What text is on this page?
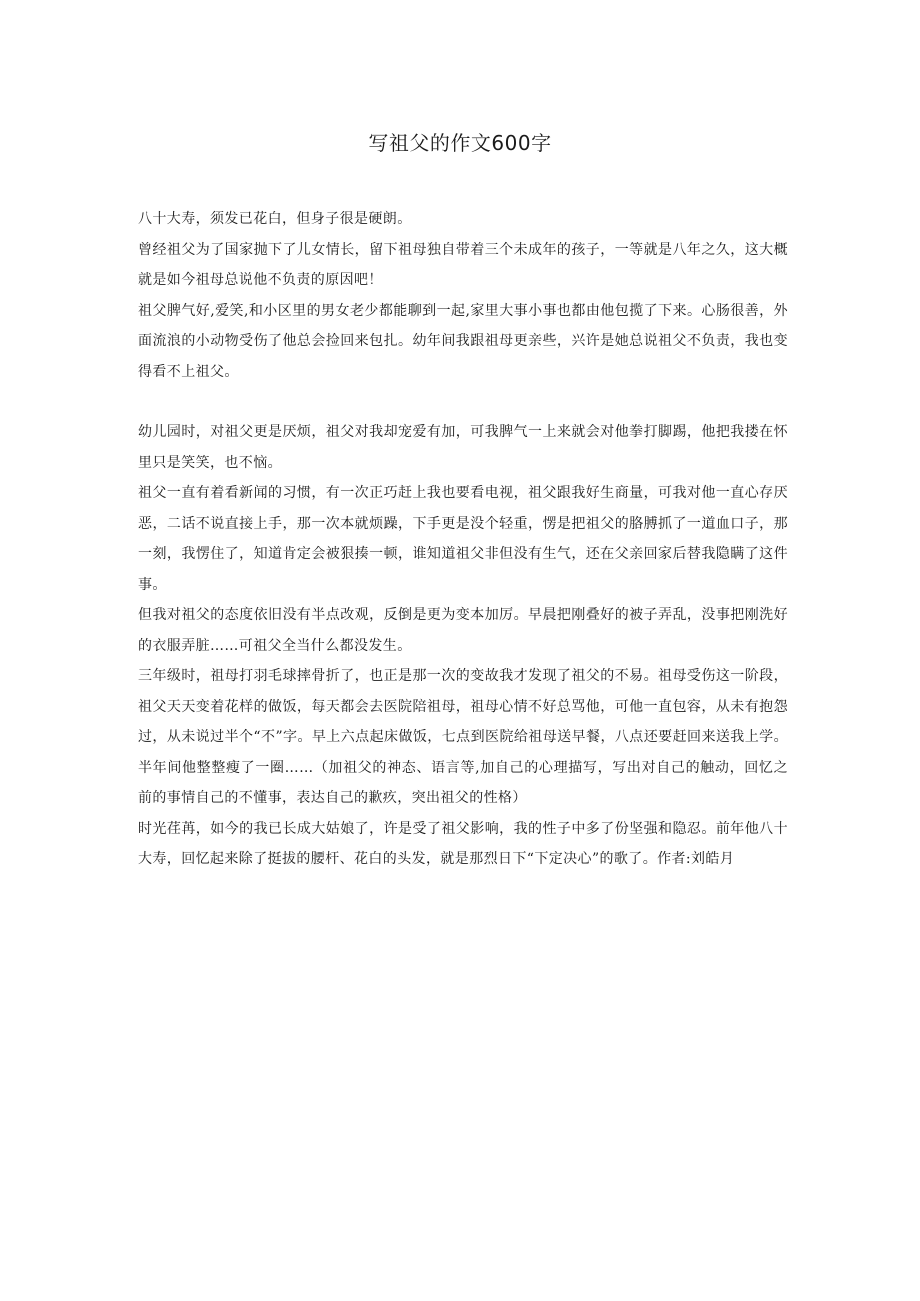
写祖父的作文600字

八十大寿，须发已花白，但身子很是硬朗。

曾经祖父为了国家抛下了儿女情长，留下祖母独自带着三个未成年的孩子，一等就是八年之久，这大概就是如今祖母总说他不负责的原因吧！

祖父脾气好,爱笑,和小区里的男女老少都能聊到一起,家里大事小事也都由他包揽了下来。心肠很善，外面流浪的小动物受伤了他总会捡回来包扎。幼年间我跟祖母更亲些，兴许是她总说祖父不负责，我也变得看不上祖父。

幼儿园时，对祖父更是厌烦，祖父对我却宠爱有加，可我脾气一上来就会对他拳打脚踢，他把我搂在怀里只是笑笑，也不恼。

祖父一直有着看新闻的习惯，有一次正巧赶上我也要看电视，祖父跟我好生商量，可我对他一直心存厌恶，二话不说直接上手，那一次本就烦躁，下手更是没个轻重，愣是把祖父的胳膊抓了一道血口子，那一刻，我愣住了，知道肯定会被狠揍一顿，谁知道祖父非但没有生气，还在父亲回家后替我隐瞒了这件事。

但我对祖父的态度依旧没有半点改观，反倒是更为变本加厉。早晨把刚叠好的被子弄乱，没事把刚洗好的衣服弄脏……可祖父全当什么都没发生。

三年级时，祖母打羽毛球摔骨折了，也正是那一次的变故我才发现了祖父的不易。祖母受伤这一阶段，祖父天天变着花样的做饭，每天都会去医院陪祖母，祖母心情不好总骂他，可他一直包容，从未有抱怨过，从未说过半个“不”字。早上六点起床做饭，七点到医院给祖母送早餐，八点还要赶回来送我上学。半年间他整整瘦了一圈……（加祖父的神态、语言等,加自己的心理描写，写出对自己的触动，回忆之前的事情自己的不懂事，表达自己的歉疚，突出祖父的性格）

时光荏苒，如今的我已长成大姑娘了，许是受了祖父影响，我的性子中多了份坚强和隐忍。前年他八十大寿，回忆起来除了挺拔的腰杆、花白的头发，就是那烈日下“下定决心”的歌了。作者:刘皓月
